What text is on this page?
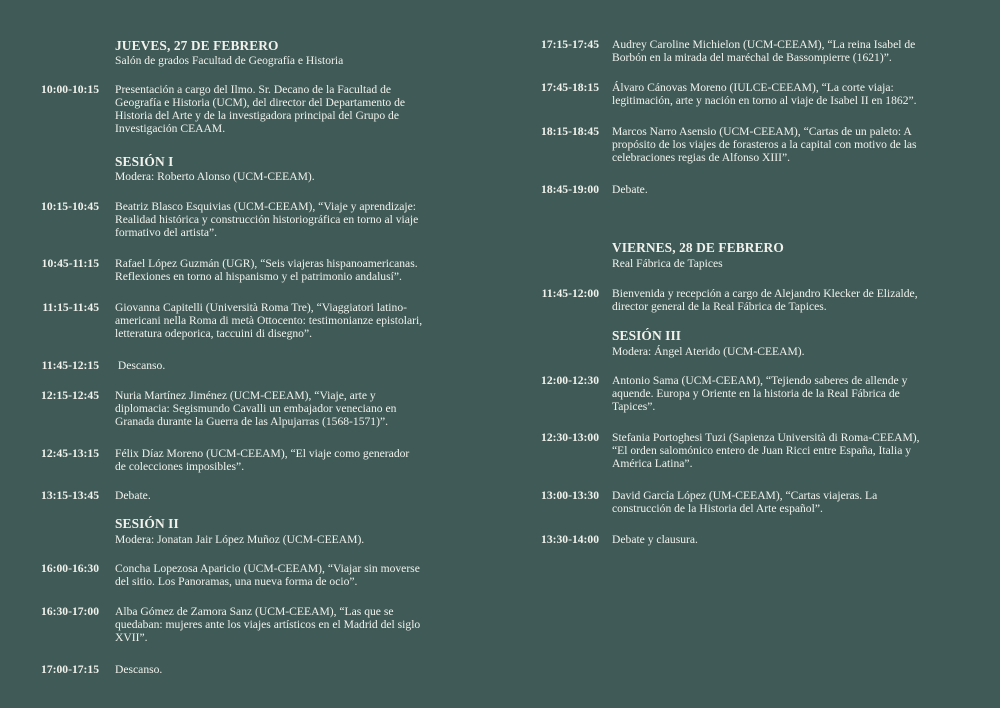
JUEVES, 27 DE FEBRERO
Salón de grados Facultad de Geografía e Historia
10:00-10:15 Presentación a cargo del Ilmo. Sr. Decano de la Facultad de
Geografía e Historia (UCM), del director del Departamento de
Historia del Arte y de la investigadora principal del Grupo de
Investigación CEAAM.
SESIÓN I
Modera: Roberto Alonso (UCM-CEEAM).
10:15-10:45 Beatriz Blasco Esquivias (UCM-CEEAM), “Viaje y aprendizaje:
Realidad histórica y construcción historiográfica en torno al viaje
formativo del artista”.
10:45-11:15 Rafael López Guzmán (UGR), “Seis viajeras hispanoamericanas.
Reflexiones en torno al hispanismo y el patrimonio andalusí”.
11:15-11:45 Giovanna Capitelli (Università Roma Tre), “Viaggiatori latino-
americani nella Roma di metà Ottocento: testimonianze epistolari,
letteratura odeporica, taccuini di disegno”.
11:45-12:15 Descanso.
12:15-12:45 Nuria Martínez Jiménez (UCM-CEEAM), “Viaje, arte y
diplomacia: Segismundo Cavalli un embajador veneciano en
Granada durante la Guerra de las Alpujarras (1568-1571)”.
12:45-13:15 Félix Díaz Moreno (UCM-CEEAM), “El viaje como generador
de colecciones imposibles”.
13:15-13:45 Debate.
SESIÓN II
Modera: Jonatan Jair López Muñoz (UCM-CEEAM).
16:00-16:30 Concha Lopezosa Aparicio (UCM-CEEAM), “Viajar sin moverse
del sitio. Los Panoramas, una nueva forma de ocio”.
16:30-17:00 Alba Gómez de Zamora Sanz (UCM-CEEAM), “Las que se
quedaban: mujeres ante los viajes artísticos en el Madrid del siglo
XVII”.
17:00-17:15 Descanso.
17:15-17:45 Audrey Caroline Michielon (UCM-CEEAM), “La reina Isabel de
Borbón en la mirada del maréchal de Bassompierre (1621)”.
17:45-18:15 Álvaro Cánovas Moreno (IULCE-CEEAM), “La corte viaja:
legitimación, arte y nación en torno al viaje de Isabel II en 1862”.
18:15-18:45 Marcos Narro Asensio (UCM-CEEAM), “Cartas de un paleto: A
propósito de los viajes de forasteros a la capital con motivo de las
celebraciones regias de Alfonso XIII”.
18:45-19:00 Debate.
VIERNES, 28 DE FEBRERO
Real Fábrica de Tapices
11:45-12:00 Bienvenida y recepción a cargo de Alejandro Klecker de Elizalde,
director general de la Real Fábrica de Tapices.
SESIÓN III
Modera: Ángel Aterido (UCM-CEEAM).
12:00-12:30 Antonio Sama (UCM-CEEAM), “Tejiendo saberes de allende y
aquende. Europa y Oriente en la historia de la Real Fábrica de
Tapices”.
12:30-13:00 Stefania Portoghesi Tuzi (Sapienza Università di Roma-CEEAM),
“El orden salomónico entero de Juan Ricci entre España, Italia y
América Latina”.
13:00-13:30 David García López (UM-CEEAM), “Cartas viajeras. La
construcción de la Historia del Arte español”.
13:30-14:00 Debate y clausura.
